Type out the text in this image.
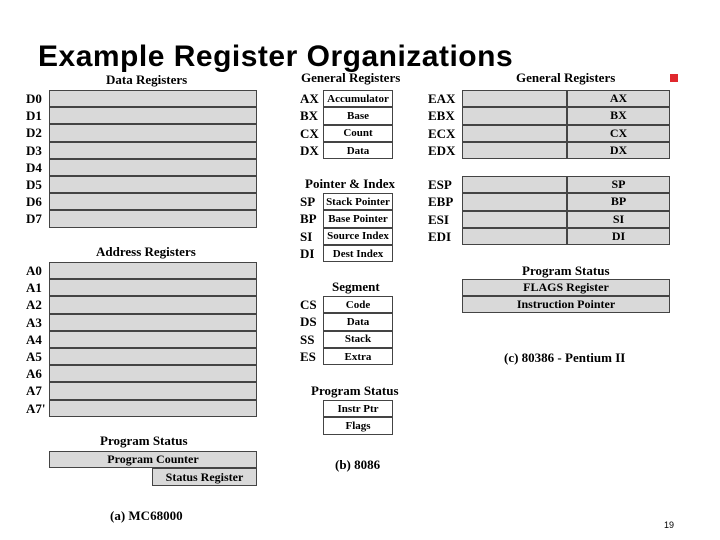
Example Register Organizations
Data Registers
D0
D1
D2
D3
D4
D5
D6
D7
Address Registers
A0
A1
A2
A3
A4
A5
A6
A7
A7'
Program Status
Program Counter
Status Register
(a) MC68000
General Registers
AX Accumulator
BX	Base
CX	Count
DX	Data
Pointer & Index
SP Stack Pointer
BP	Base Pointer
SI	Source Index
DI	Dest Index
Segment
CS	Code
DS	Data
SS	Stack
ES	Extra
Program Status
Instr Ptr
Flags
(b) 8086
General Registers
EAX	AX
EBX	BX
ECX	CX
EDX	DX
ESP	SP
EBP	BP
ESI	SI
EDI	DI
Program Status
FLAGS Register
Instruction Pointer
(c) 80386 - Pentium II
19
